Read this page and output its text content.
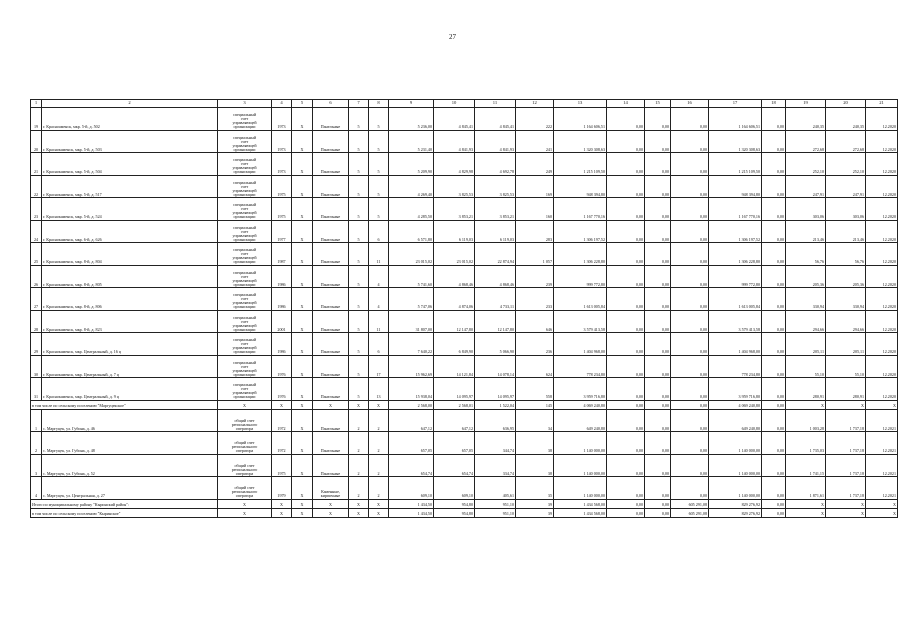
27
1	2	3	4	5	6	7	8	9	10	11	12	13	14	15	16	17	18	19	20	21
19	г. Красноаменск, мкр. 5-й, д. 502	специальный
счет
управляющей
организации	1973	Х	Панельные	5	5	5 236,00	4 845,41	4 845,41	222	1 164 606,51	0,00	0,00	0,00	1 164 606,51	0,00	240,35	240,35	12.2020
20	г. Краснокаменск, мкр. 5-й, д. 503	специальный
счет
управляющей
организации	1973	Х	Панельные	5	5	5 231,40	4 841,93	4 841,93	241	1 320 308,63	0,00	0,00	0,00	1 320 308,63	0,00	272,68	272,68	12.2020
21	г. Краснокаменск, мкр. 5-й, д. 504	специальный
счет
управляющей
организации	1973	Х	Панельные	5	5	5 209,90	4 829,98	4 692,78	249	1 215 109,50	0,00	0,00	0,00	1 215 109,50	0,00	252,10	252,10	12.2020
22	г. Краснокаменск, мкр. 5-й, д. 517	специальный
счет
управляющей
организации	1975	Х	Панельные	5	5	4 269,40	3 825,53	3 825,53	169	948 394,80	0,00	0,00	0,00	948 394,80	0,00	247,91	247,91	12.2020
23	г. Краснокаменск, мкр. 5-й, д. 524	специальный
счет
управляющей
организации	1975	Х	Панельные	5	5	4 285,50	3 853,21	3 853,21	160	1 167 770,16	0,00	0,00	0,00	1 167 770,16	0,00	303,06	303,06	12.2020
24	г. Краснокаменск, мкр. 6-й, д. 626	специальный
счет
управляющей
организации	1977	Х	Панельные	5	6	6 571,80	6 119,03	6 119,03	283	1 306 197,52	0,00	0,00	0,00	1 306 197,52	0,00	213,46	213,46	12.2020
25	г. Краснокаменск, мкр. 8-й, д. 804	специальный
счет
управляющей
организации	1987	Х	Панельные	5	11	23 015,02	23 015,02	22 874,94	1 057	1 306 228,80	0,00	0,00	0,00	1 306 228,80	0,00	56,76	56,76	12.2020
26	г. Краснокаменск, мкр. 8-й, д. 805	специальный
счет
управляющей
организации	1986	Х	Панельные	5	4	5 741,60	4 868,46	4 868,46	239	999 772,80	0,00	0,00	0,00	999 772,80	0,00	205,36	205,36	12.2020
27	г. Краснокаменск, мкр. 8-й, д. 806	специальный
счет
управляющей
организации	1986	Х	Панельные	5	4	5 747,06	4 874,06	4 733,11	233	1 613 005,84	0,00	0,00	0,00	1 613 005,84	0,00	330,94	330,94	12.2020
28	г. Краснокаменск, мкр. 8-й, д. 823	специальный
счет
управляющей
организации	2001	Х	Панельные	5	11	31 807,00	12 147,80	12 147,80	646	3 579 413,58	0,00	0,00	0,00	3 579 413,58	0,00	294,66	294,66	12.2020
29	г. Краснокаменск, мкр. Центральный, д. 16 ц	специальный
счет
управляющей
организации	1986	Х	Панельные	5	6	7 640,22	6 849,90	5 066,90	236	1 404 968,00	0,00	0,00	0,00	1 404 968,00	0,00	205,11	205,11	12.2020
30	г. Краснокаменск, мкр. Центральный, д. 7 ц	специальный
счет
управляющей
организации	1976	Х	Панельные	5	17	15 962,69	14 121,84	14 078,14	624	778 234,80	0,00	0,00	0,00	778 234,80	0,00	55,10	55,10	12.2020
31	г. Краснокаменск, мкр. Центральный, д. 9 ц	специальный
счет
управляющей
организации	1976	Х	Панельные	5	13	15 938,04	14 095,97	14 095,97	558	3 959 716,80	0,00	0,00	0,00	3 959 716,80	0,00	280,91	280,91	12.2020
в том числе по сельскому поселению "Маргуцекское"		Х	Х	Х	Х	Х	Х	2 568,00	2 568,01	1 522,04	145	4 069 240,80	0,00	0,00	0,00	4 069 240,80	0,00	Х	Х	Х
1	с. Маргуцек, ул. Губина, д. 46	общий счет
регионального
оператора	1972	Х	Панельные	2	2	647,12	647,12	636,95	34	649 240,80	0,00	0,00	0,00	649 240,80	0,00	1 003,28	1 737,18	12.2021
2	с. Маргуцек, ул. Губина, д. 48	общий счет
регионального
оператора	1972	Х	Панельные	2	2	657,05	657,05	344,74	38	1 140 000,00	0,00	0,00	0,00	1 140 000,00	0,00	1 735,03	1 737,18	12.2021
3	с. Маргуцек, ул. Губина, д. 52	общий счет
регионального
оператора	1975	Х	Панельные	2	2	654,74	654,74	334,74	38	1 140 000,00	0,00	0,00	0,00	1 140 000,00	0,00	1 741,15	1 737,18	12.2021
4	с. Маргуцек, ул. Центральная, д. 27	общий счет
регионального
оператора	1979	Х	Каменные, кирпичные	2	2	609,10	609,10	405,61	35	1 140 000,00	0,00	0,00	0,00	1 140 000,00	0,00	1 871,61	1 737,18	12.2021
Итого по муниципальному району "Кыринский район":		Х	Х	Х	Х	Х	Х	1 434,50	954,80	951,10	39	1 434 568,00	0,00	0,00	605 291,08	829 276,92	0,00	Х	Х	Х
в том числе по сельскому поселению "Кыринское"		Х	Х	Х	Х	Х	Х	1 434,50	954,80	951,10	39	1 434 568,00	0,00	0,00	605 291,08	829 276,92	0,00	Х	Х	Х
